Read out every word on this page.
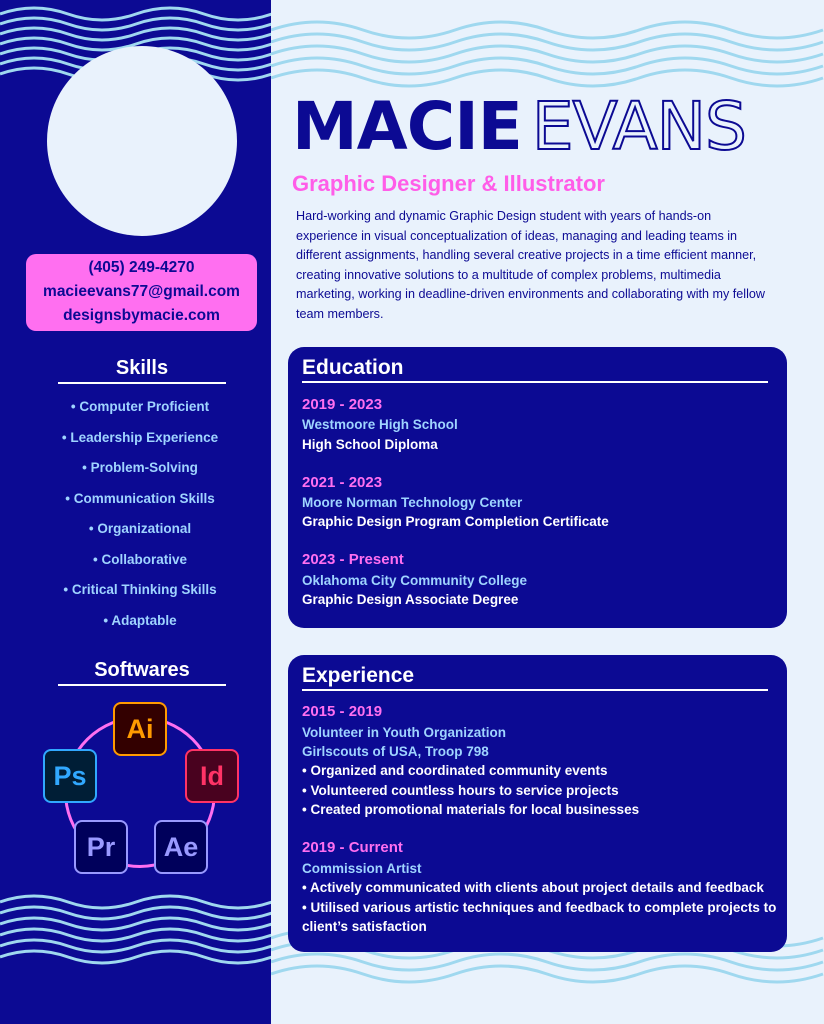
(405) 249-4270
macieevans77@gmail.com
designsbymacie.com
Skills
• Computer Proficient
• Leadership Experience
• Problem-Solving
• Communication Skills
• Organizational
• Collaborative
• Critical Thinking Skills
• Adaptable
Softwares
Ai
Id
Ae
Pr
Ps
MACIE EVANS
Graphic Designer & Illustrator
Hard-working and dynamic Graphic Design student with years of hands-on experience in visual conceptualization of ideas, managing and leading teams in different assignments, handling several creative projects in a time efficient manner, creating innovative solutions to a multitude of complex problems, multimedia marketing, working in deadline-driven environments and collaborating with my fellow team members.
Education
2019 - 2023
Westmoore High School
High School Diploma
2021 - 2023
Moore Norman Technology Center
Graphic Design Program Completion Certificate
2023 - Present
Oklahoma City Community College
Graphic Design Associate Degree
Experience
2015 - 2019
Volunteer in Youth Organization
Girlscouts of USA, Troop 798
• Organized and coordinated community events
• Volunteered countless hours to service projects
• Created promotional materials for local businesses
2019 - Current
Commission Artist
• Actively communicated with clients about project details and feedback
• Utilised various artistic techniques and feedback to complete projects to client’s satisfaction
